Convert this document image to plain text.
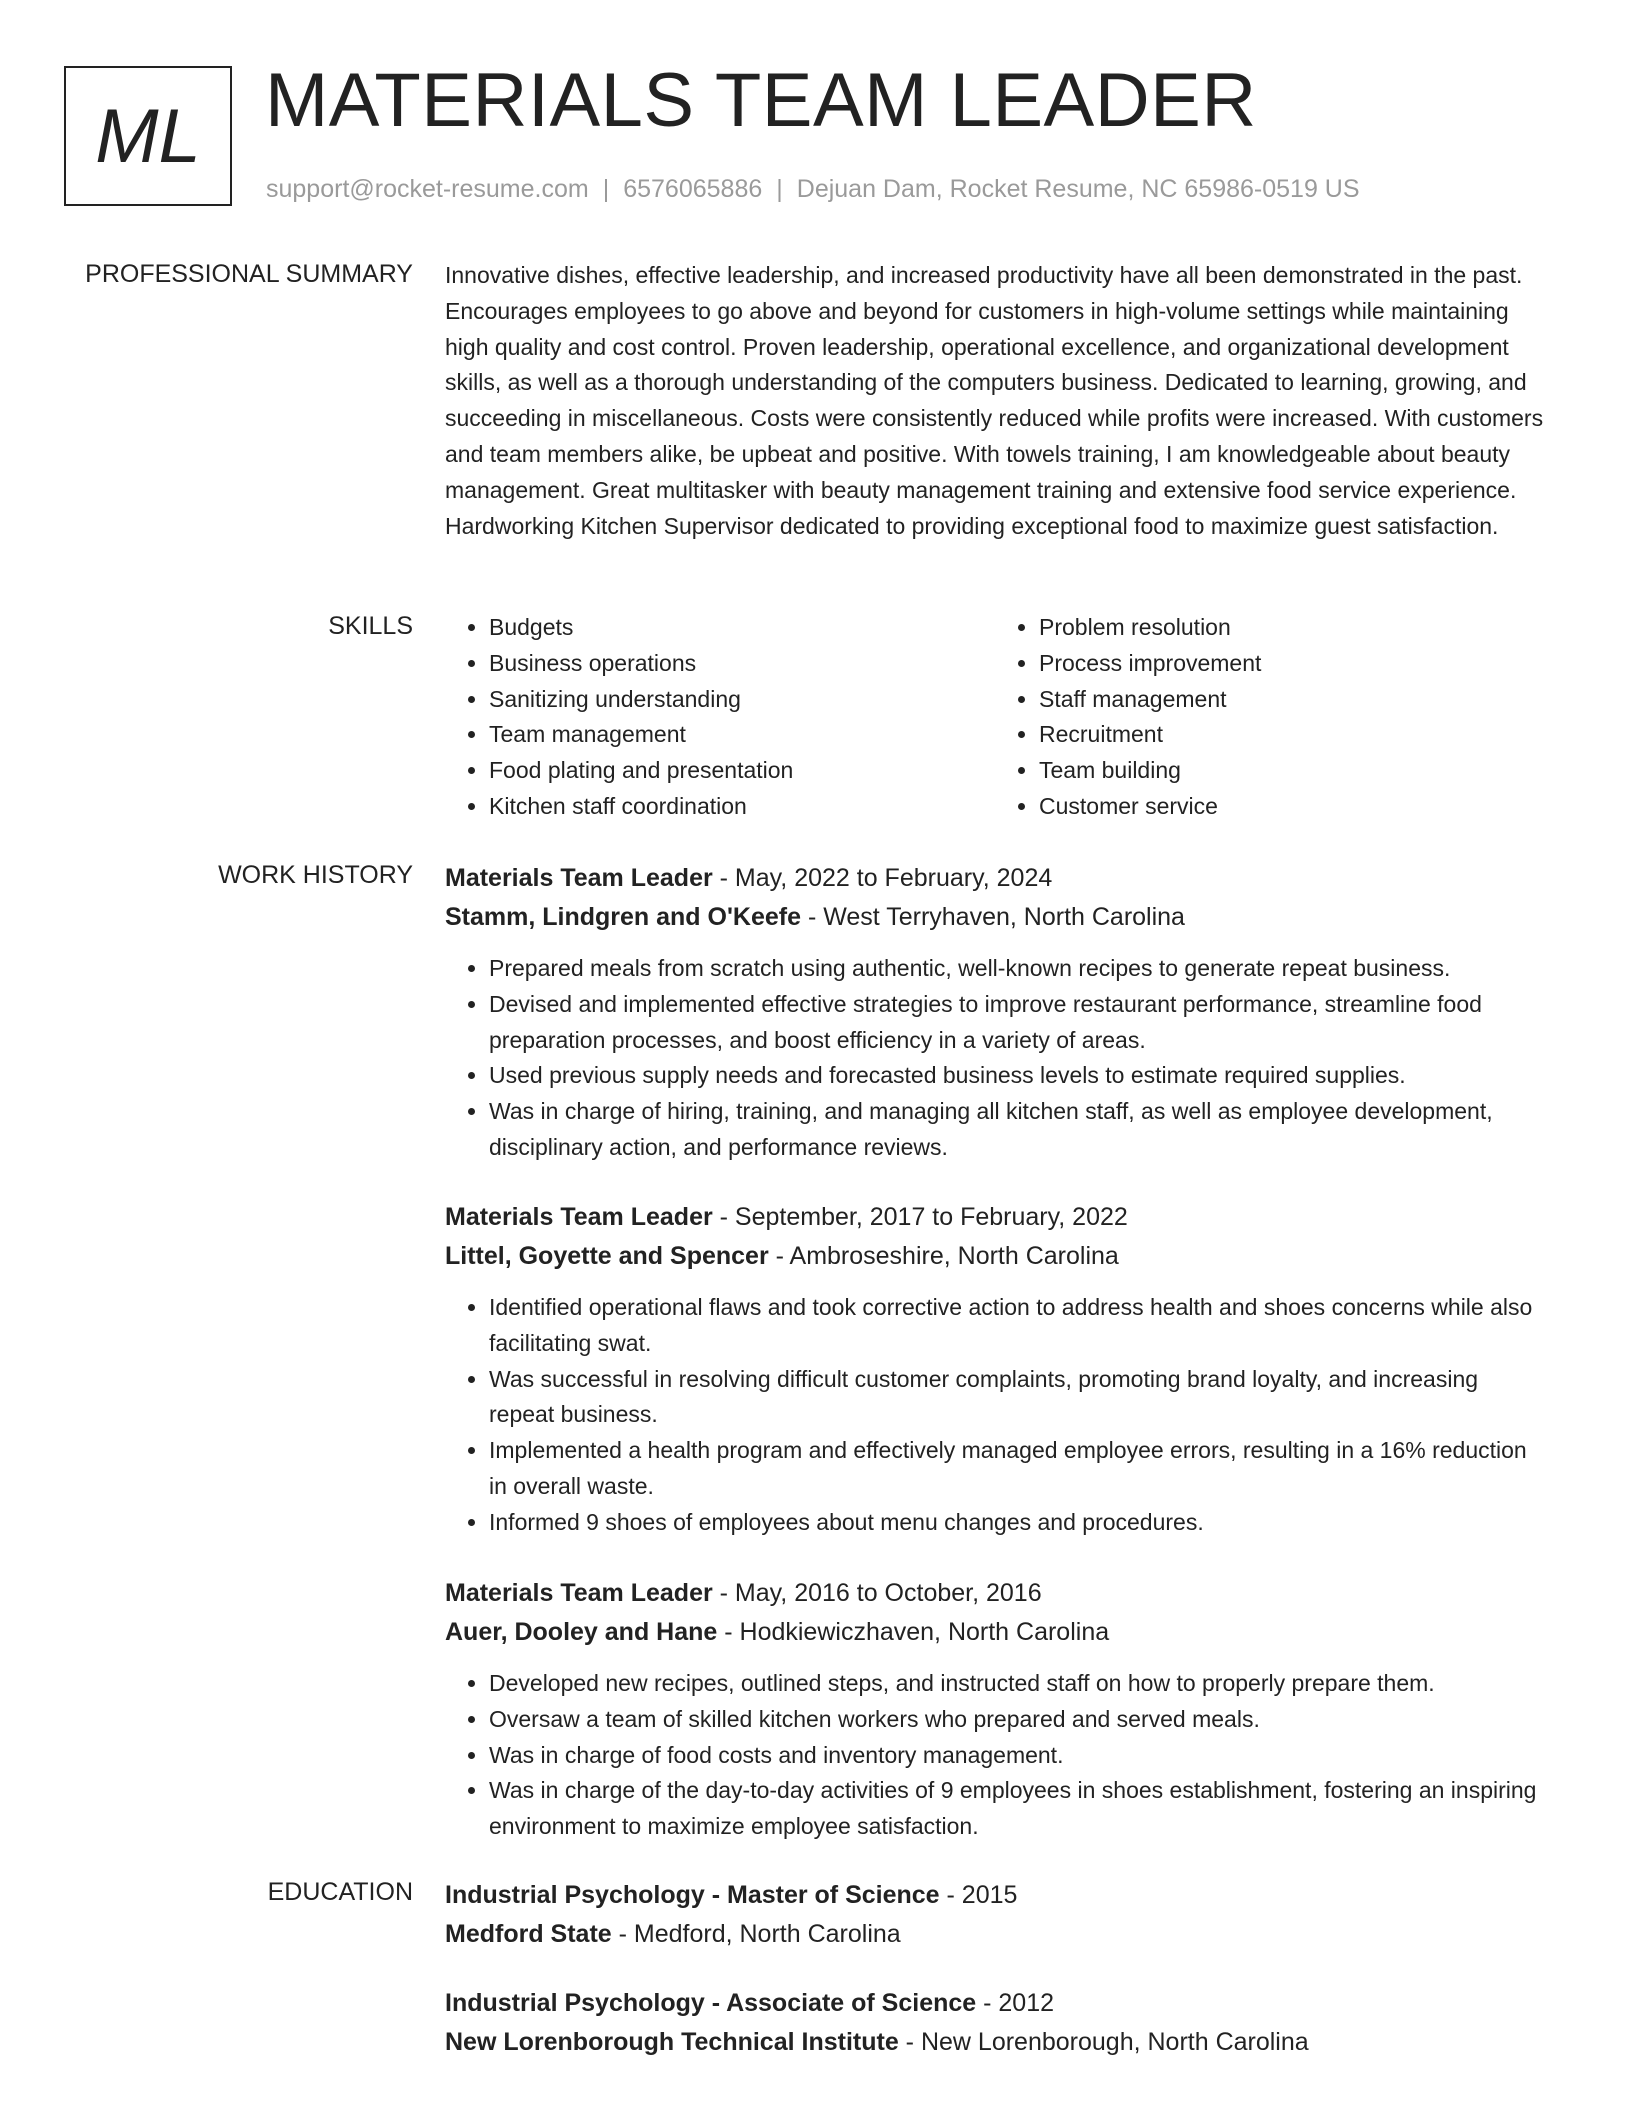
ML MATERIALS TEAM LEADER
support@rocket-resume.com | 6576065886 | Dejuan Dam, Rocket Resume, NC 65986-0519 US
PROFESSIONAL SUMMARY Innovative dishes, effective leadership, and increased productivity have all been demonstrated in the past. Encourages employees to go above and beyond for customers in high-volume settings while maintaining high quality and cost control. Proven leadership, operational excellence, and organizational development skills, as well as a thorough understanding of the computers business. Dedicated to learning, growing, and succeeding in miscellaneous. Costs were consistently reduced while profits were increased. With customers and team members alike, be upbeat and positive. With towels training, I am knowledgeable about beauty management. Great multitasker with beauty management training and extensive food service experience. Hardworking Kitchen Supervisor dedicated to providing exceptional food to maximize guest satisfaction.

SKILLS
•	Budgets
• Business operations
• Sanitizing understanding
• Team management
• Food plating and presentation
• Kitchen staff coordination
• Problem resolution
• Process improvement
• Staff management
• Recruitment
• Team building
• Customer service
WORK HISTORY Materials Team Leader - May, 2022 to February, 2024
Stamm, Lindgren and O'Keefe - West Terryhaven, North Carolina
• Prepared meals from scratch using authentic, well-known recipes to generate repeat business.
• Devised and implemented effective strategies to improve restaurant performance, streamline food preparation processes, and boost efficiency in a variety of areas.
• Used previous supply needs and forecasted business levels to estimate required supplies.
• Was in charge of hiring, training, and managing all kitchen staff, as well as employee development, disciplinary action, and performance reviews.
Materials Team Leader - September, 2017 to February, 2022
Littel, Goyette and Spencer - Ambroseshire, North Carolina
• Identified operational flaws and took corrective action to address health and shoes concerns while also facilitating swat.
• Was successful in resolving difficult customer complaints, promoting brand loyalty, and increasing repeat business.
• Implemented a health program and effectively managed employee errors, resulting in a 16% reduction in overall waste.
• Informed 9 shoes of employees about menu changes and procedures.
Materials Team Leader - May, 2016 to October, 2016
Auer, Dooley and Hane - Hodkiewiczhaven, North Carolina
• Developed new recipes, outlined steps, and instructed staff on how to properly prepare them.
• Oversaw a team of skilled kitchen workers who prepared and served meals.
• Was in charge of food costs and inventory management.
• Was in charge of the day-to-day activities of 9 employees in shoes establishment, fostering an inspiring environment to maximize employee satisfaction.
EDUCATION Industrial Psychology - Master of Science - 2015
Medford State - Medford, North Carolina
Industrial Psychology - Associate of Science - 2012
New Lorenborough Technical Institute - New Lorenborough, North Carolina
